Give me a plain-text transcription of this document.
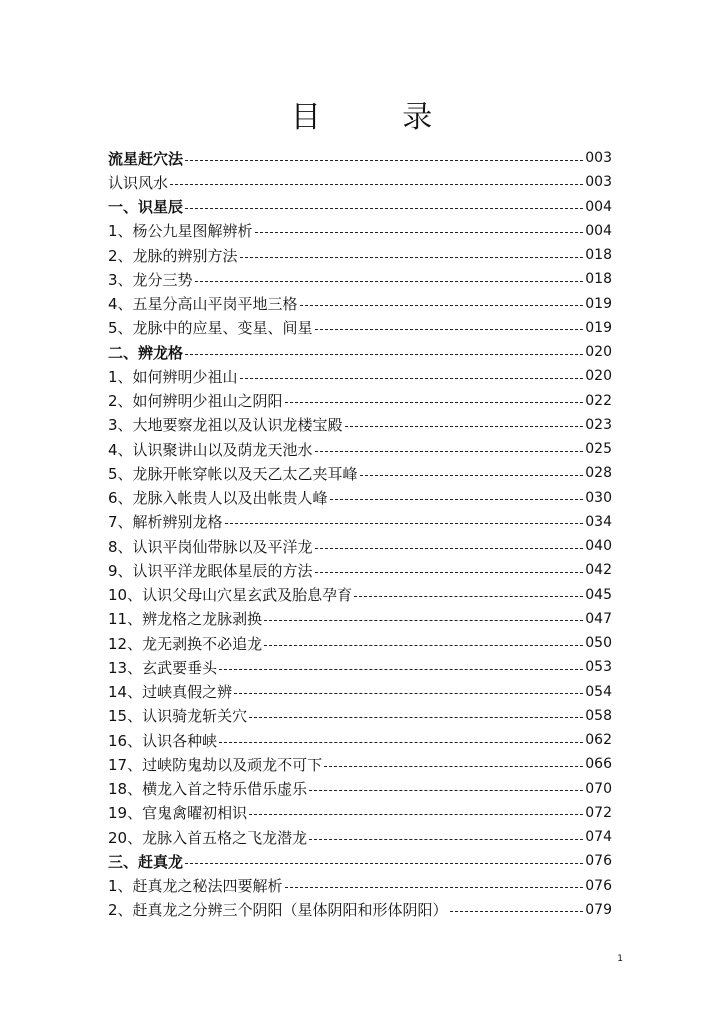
目 录
流星赶穴法	003
认识风水	003
一、识星辰	004
1、杨公九星图解辨析	004
2、龙脉的辨别方法	018
3、龙分三势	018
4、五星分高山平岗平地三格	019
5、龙脉中的应星、变星、间星	019
二、辨龙格	020
1、如何辨明少祖山	020
2、如何辨明少祖山之阴阳	022
3、大地要察龙祖以及认识龙楼宝殿	023
4、认识聚讲山以及荫龙天池水	025
5、龙脉开帐穿帐以及天乙太乙夹耳峰	028
6、龙脉入帐贵人以及出帐贵人峰	030
7、解析辨别龙格	034
8、认识平岗仙带脉以及平洋龙	040
9、认识平洋龙眠体星辰的方法	042
10、认识父母山穴星玄武及胎息孕育	045
11、辨龙格之龙脉剥换	047
12、龙无剥换不必追龙	050
13、玄武要垂头	053
14、过峡真假之辨	054
15、认识骑龙斩关穴	058
16、认识各种峡	062
17、过峡防鬼劫以及顽龙不可下	066
18、横龙入首之特乐借乐虚乐	070
19、官鬼禽曜初相识	072
20、龙脉入首五格之飞龙潜龙	074
三、赶真龙	076
1、赶真龙之秘法四要解析	076
2、赶真龙之分辨三个阴阳（星体阴阳和形体阴阳）	079
1
